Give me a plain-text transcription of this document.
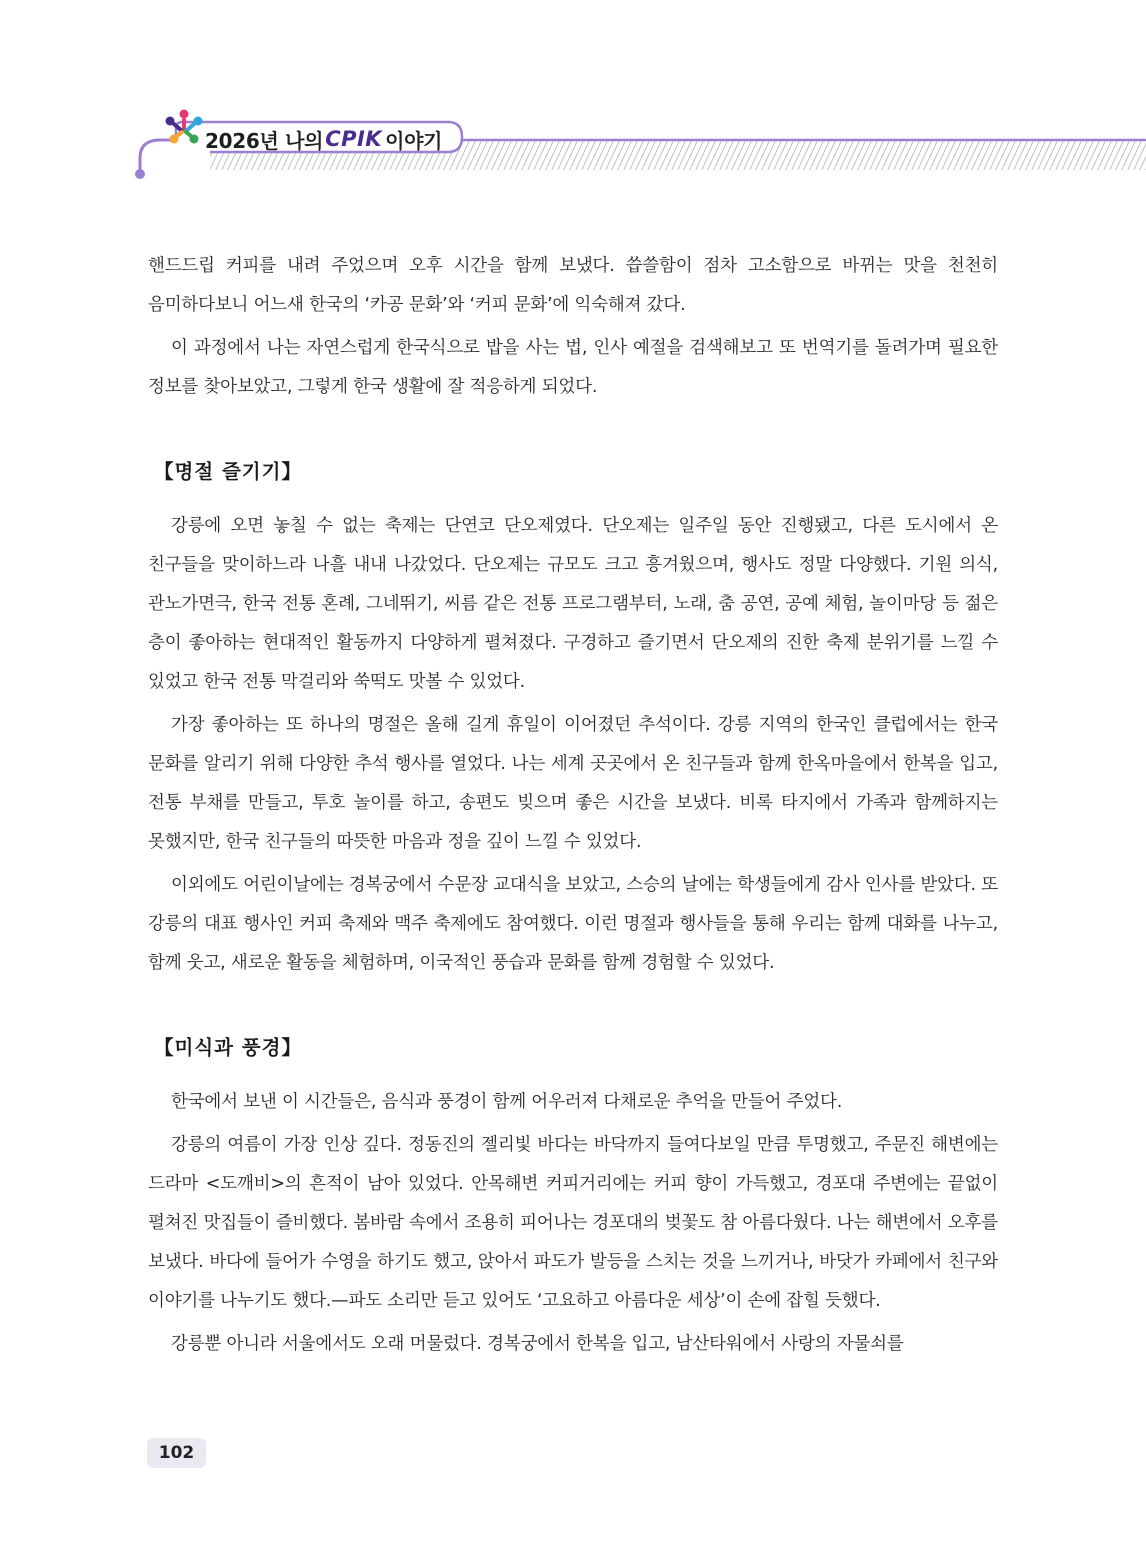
2026년 나의 CPIK 이야기

핸드드립 커피를 내려 주었으며 오후 시간을 함께 보냈다. 씁쓸함이 점차 고소함으로 바뀌는 맛을 천천히 음미하다보니 어느새 한국의 ‘카공 문화’와 ‘커피 문화’에 익숙해져 갔다.

이 과정에서 나는 자연스럽게 한국식으로 밥을 사는 법, 인사 예절을 검색해보고 또 번역기를 돌려가며 필요한 정보를 찾아보았고, 그렇게 한국 생활에 잘 적응하게 되었다.

【명절 즐기기】

강릉에 오면 놓칠 수 없는 축제는 단연코 단오제였다. 단오제는 일주일 동안 진행됐고, 다른 도시에서 온 친구들을 맞이하느라 나흘 내내 나갔었다. 단오제는 규모도 크고 흥겨웠으며, 행사도 정말 다양했다. 기원 의식, 관노가면극, 한국 전통 혼례, 그네뛰기, 씨름 같은 전통 프로그램부터, 노래, 춤 공연, 공예 체험, 놀이마당 등 젊은 층이 좋아하는 현대적인 활동까지 다양하게 펼쳐졌다. 구경하고 즐기면서 단오제의 진한 축제 분위기를 느낄 수 있었고 한국 전통 막걸리와 쑥떡도 맛볼 수 있었다.

가장 좋아하는 또 하나의 명절은 올해 길게 휴일이 이어졌던 추석이다. 강릉 지역의 한국인 클럽에서는 한국 문화를 알리기 위해 다양한 추석 행사를 열었다. 나는 세계 곳곳에서 온 친구들과 함께 한옥마을에서 한복을 입고, 전통 부채를 만들고, 투호 놀이를 하고, 송편도 빚으며 좋은 시간을 보냈다. 비록 타지에서 가족과 함께하지는 못했지만, 한국 친구들의 따뜻한 마음과 정을 깊이 느낄 수 있었다.

이외에도 어린이날에는 경복궁에서 수문장 교대식을 보았고, 스승의 날에는 학생들에게 감사 인사를 받았다. 또 강릉의 대표 행사인 커피 축제와 맥주 축제에도 참여했다. 이런 명절과 행사들을 통해 우리는 함께 대화를 나누고, 함께 웃고, 새로운 활동을 체험하며, 이국적인 풍습과 문화를 함께 경험할 수 있었다.

【미식과 풍경】

한국에서 보낸 이 시간들은, 음식과 풍경이 함께 어우러져 다채로운 추억을 만들어 주었다.

강릉의 여름이 가장 인상 깊다. 정동진의 젤리빛 바다는 바닥까지 들여다보일 만큼 투명했고, 주문진 해변에는 드라마 <도깨비>의 흔적이 남아 있었다. 안목해변 커피거리에는 커피 향이 가득했고, 경포대 주변에는 끝없이 펼쳐진 맛집들이 즐비했다. 봄바람 속에서 조용히 피어나는 경포대의 벚꽃도 참 아름다웠다. 나는 해변에서 오후를 보냈다. 바다에 들어가 수영을 하기도 했고, 앉아서 파도가 발등을 스치는 것을 느끼거나, 바닷가 카페에서 친구와 이야기를 나누기도 했다.—파도 소리만 듣고 있어도 ‘고요하고 아름다운 세상’이 손에 잡힐 듯했다.

강릉뿐 아니라 서울에서도 오래 머물렀다. 경복궁에서 한복을 입고, 남산타워에서 사랑의 자물쇠를

102
